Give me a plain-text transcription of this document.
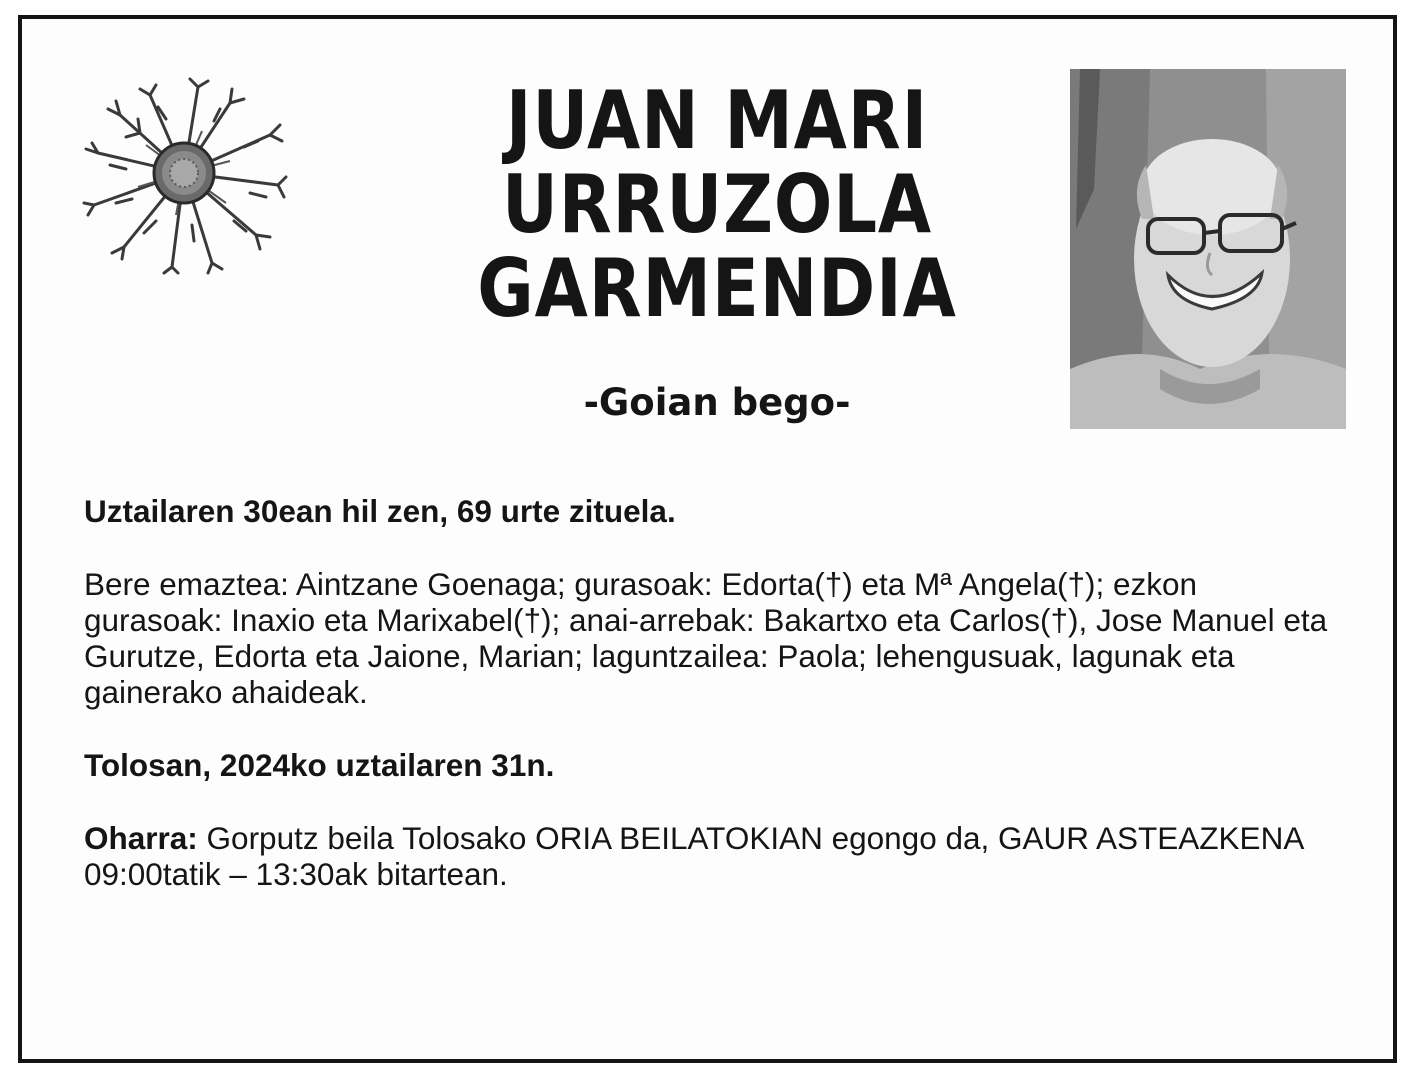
JUAN MARI
URRUZOLA
GARMENDIA
-Goian bego-

Uztailaren 30ean hil zen, 69 urte zituela.

Bere emaztea: Aintzane Goenaga; gurasoak: Edorta(†) eta Mª Angela(†); ezkon gurasoak: Inaxio eta Marixabel(†); anai-arrebak: Bakartxo eta Carlos(†), Jose Manuel eta Gurutze, Edorta eta Jaione, Marian; laguntzailea: Paola; lehengusuak, lagunak eta gainerako ahaideak.

Tolosan, 2024ko uztailaren 31n.

Oharra: Gorputz beila Tolosako ORIA BEILATOKIAN egongo da, GAUR ASTEAZKENA 09:00tatik – 13:30ak bitartean.
